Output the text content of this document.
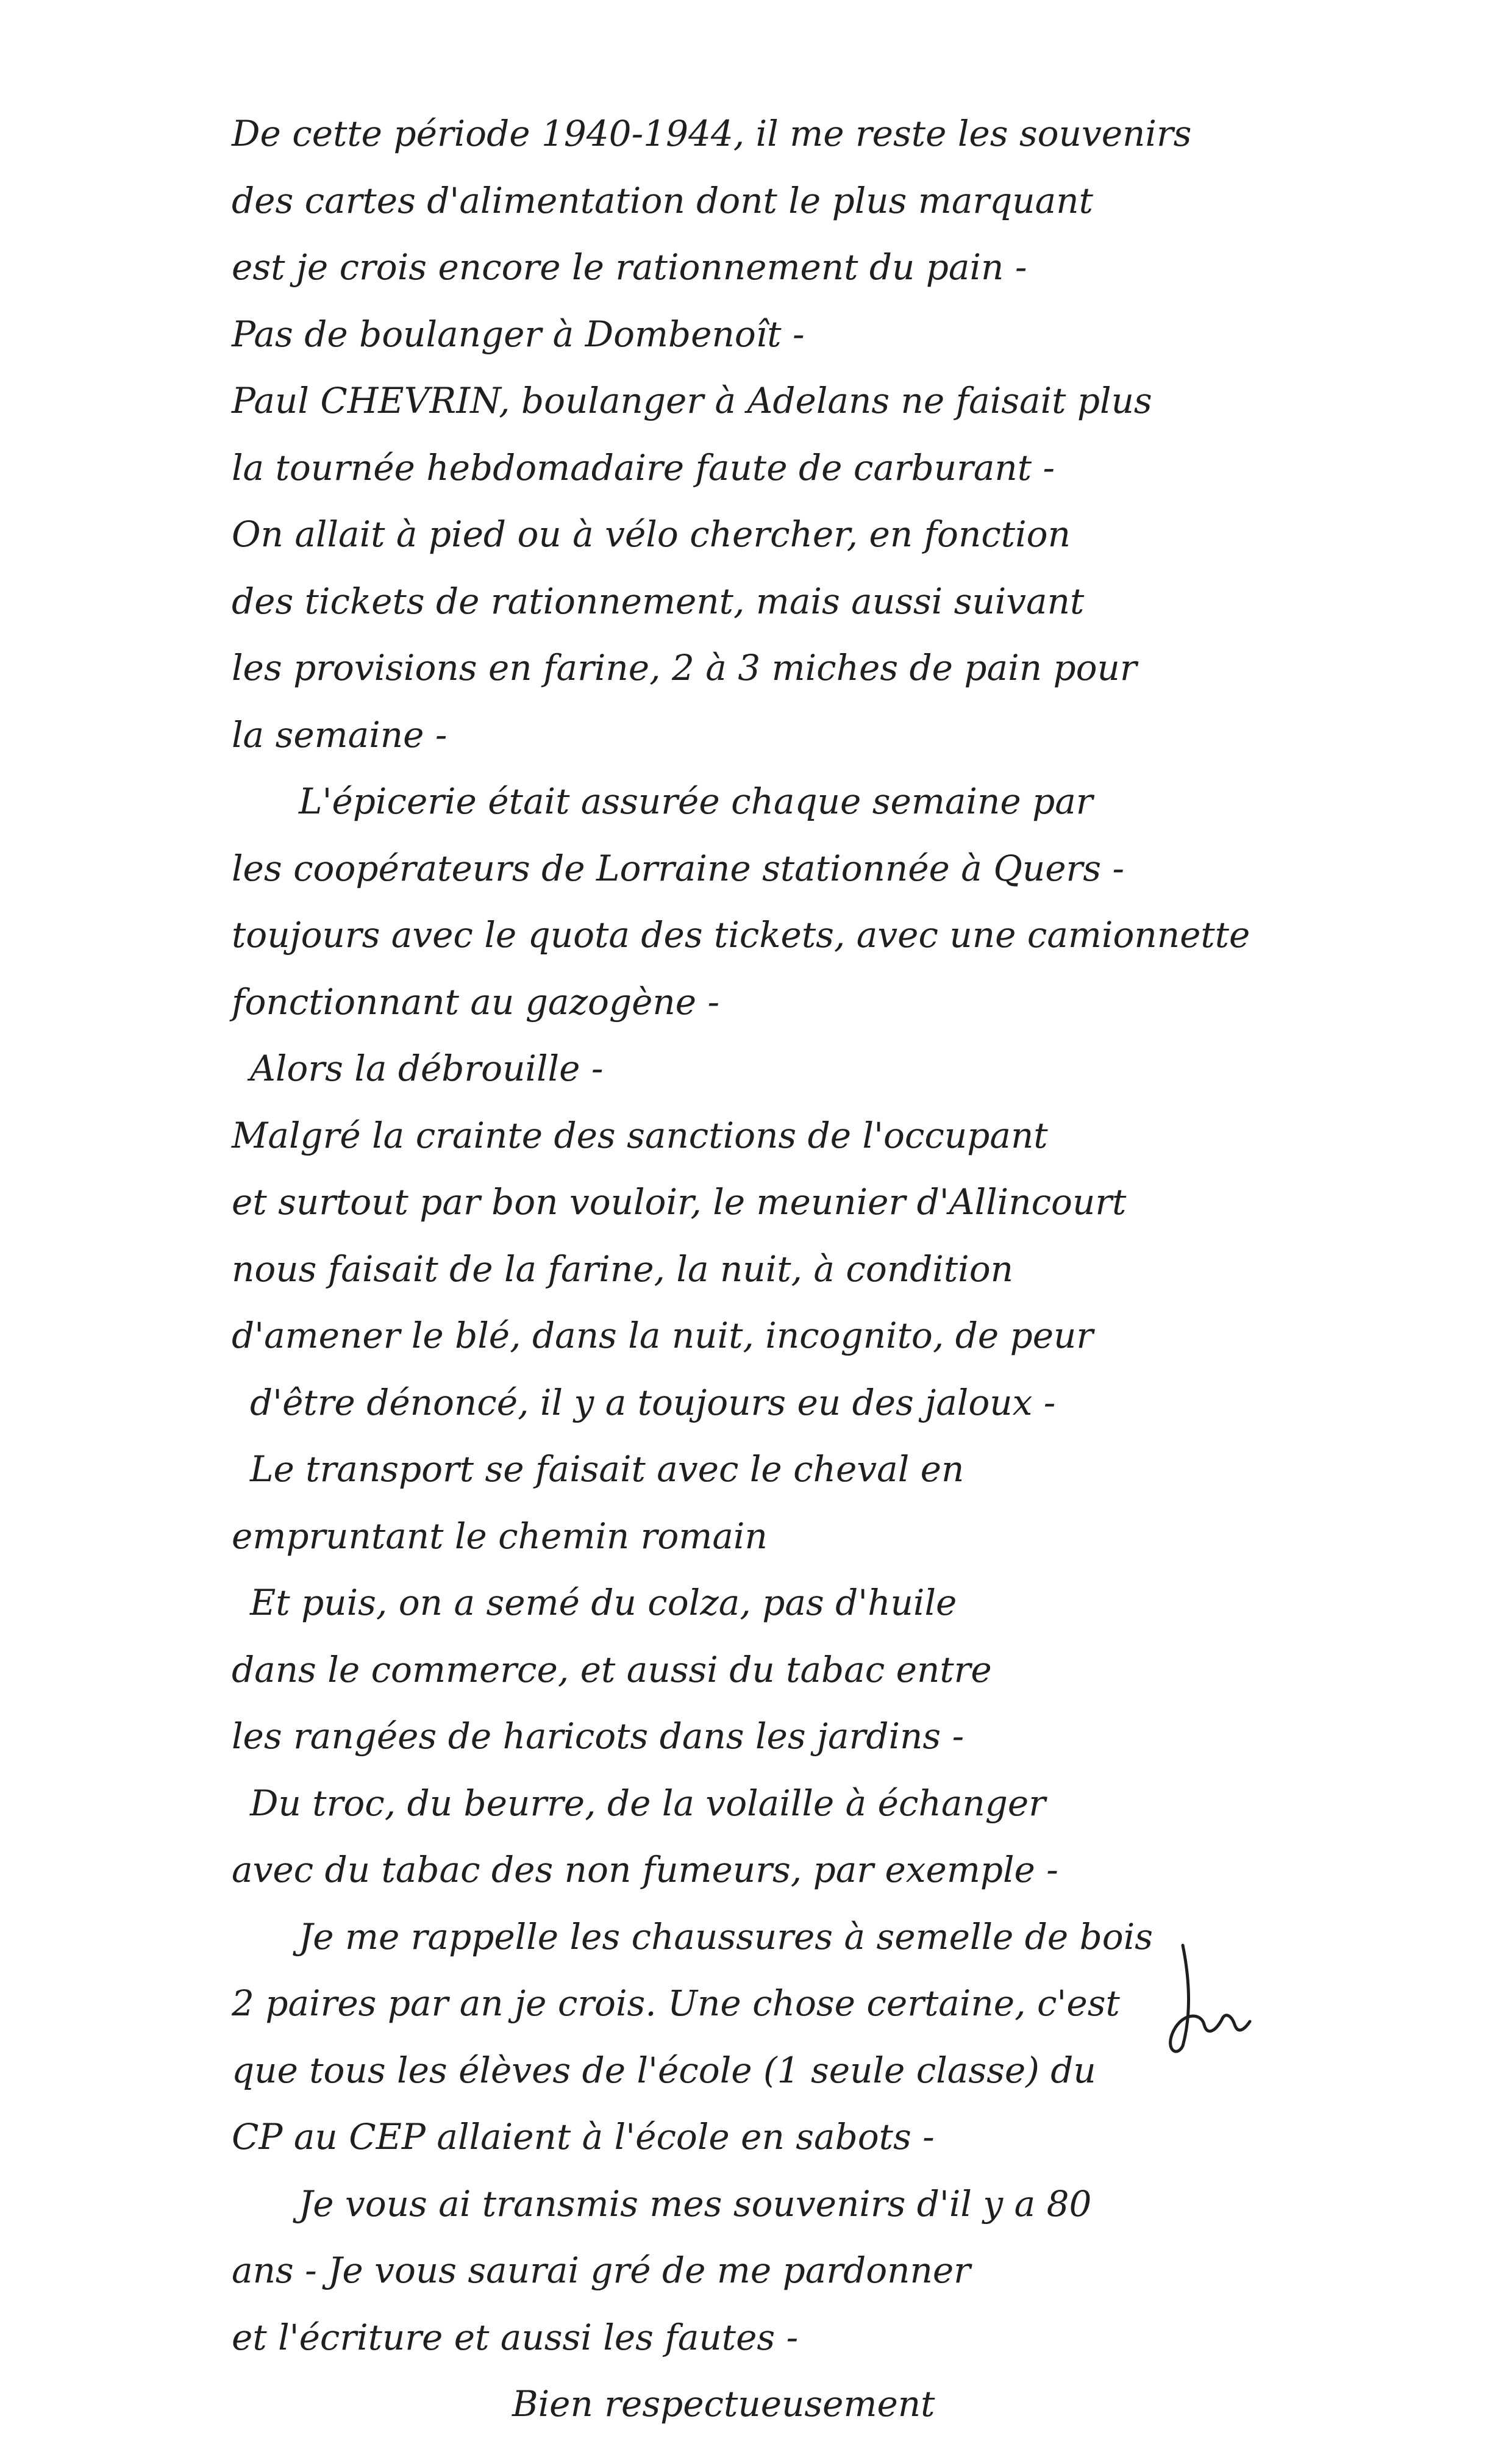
De cette période 1940-1944, il me reste les souvenirs
des cartes d'alimentation dont le plus marquant
est je crois encore le rationnement du pain -
Pas de boulanger à Dombenoît -
Paul CHEVRIN, boulanger à Adelans ne faisait plus
la tournée hebdomadaire faute de carburant -
On allait à pied ou à vélo chercher, en fonction
des tickets de rationnement, mais aussi suivant
les provisions en farine, 2 à 3 miches de pain pour
la semaine -
L'épicerie était assurée chaque semaine par
les coopérateurs de Lorraine stationnée à Quers -
toujours avec le quota des tickets, avec une camionnette
fonctionnant au gazogène -
Alors la débrouille -
Malgré la crainte des sanctions de l'occupant
et surtout par bon vouloir, le meunier d'Allincourt
nous faisait de la farine, la nuit, à condition
d'amener le blé, dans la nuit, incognito, de peur
d'être dénoncé, il y a toujours eu des jaloux -
Le transport se faisait avec le cheval en
empruntant le chemin romain
Et puis, on a semé du colza, pas d'huile
dans le commerce, et aussi du tabac entre
les rangées de haricots dans les jardins -
Du troc, du beurre, de la volaille à échanger
avec du tabac des non fumeurs, par exemple -
Je me rappelle les chaussures à semelle de bois
2 paires par an je crois. Une chose certaine, c'est
que tous les élèves de l'école (1 seule classe) du
CP au CEP allaient à l'école en sabots -
Je vous ai transmis mes souvenirs d'il y a 80
ans - Je vous saurai gré de me pardonner
et l'écriture et aussi les fautes -
Bien respectueusement
